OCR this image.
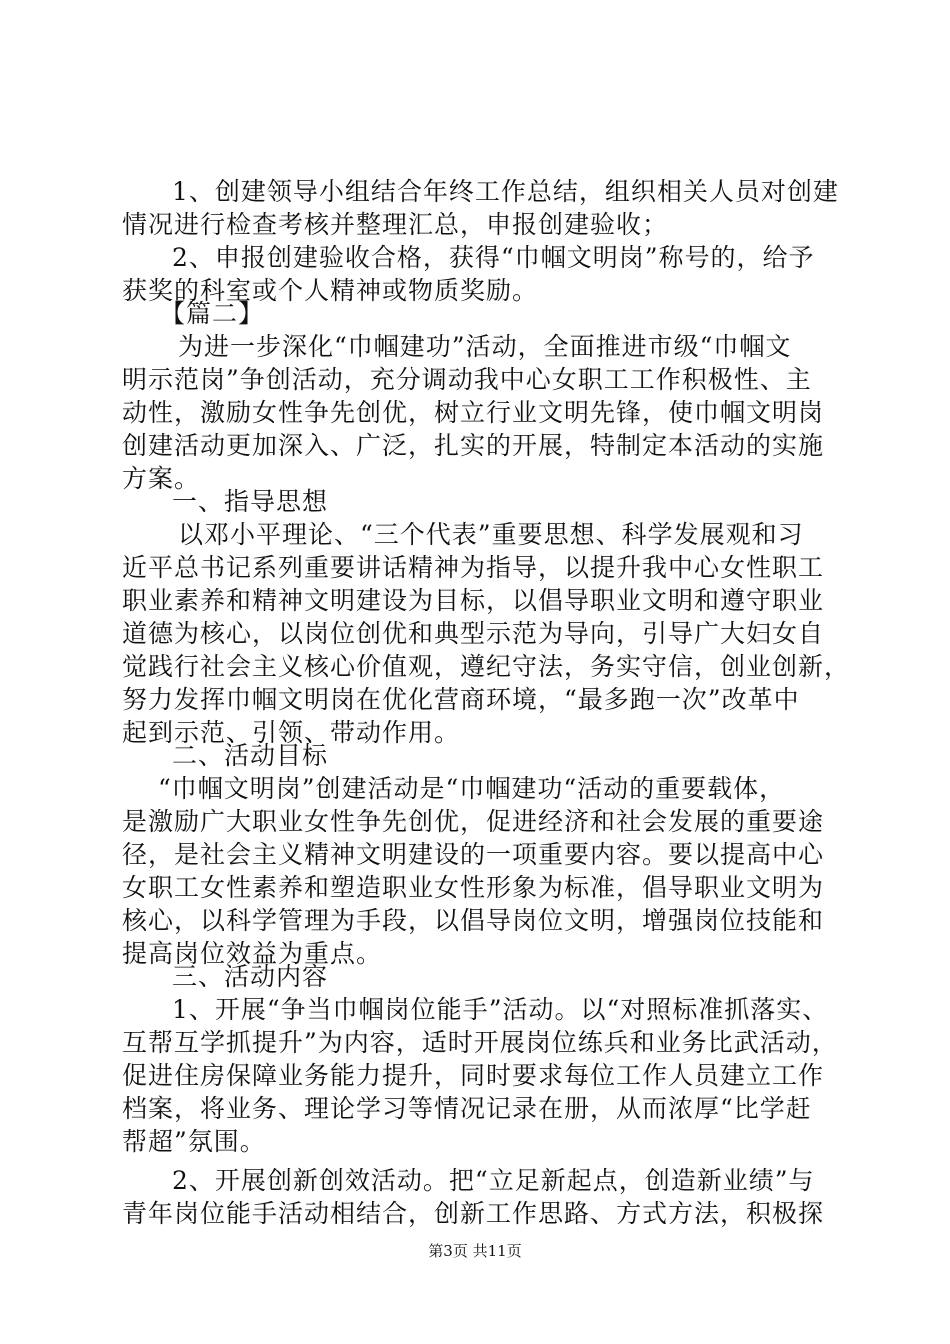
1、创建领导小组结合年终工作总结，组织相关人员对创建
情况进行检查考核并整理汇总，申报创建验收；
2、申报创建验收合格，获得“巾帼文明岗”称号的，给予
获奖的科室或个人精神或物质奖励。
【篇二】
为进一步深化“巾帼建功”活动，全面推进市级“巾帼文
明示范岗”争创活动，充分调动我中心女职工工作积极性、主
动性，激励女性争先创优，树立行业文明先锋，使巾帼文明岗
创建活动更加深入、广泛，扎实的开展，特制定本活动的实施
方案。
一、指导思想
以邓小平理论、“三个代表”重要思想、科学发展观和习
近平总书记系列重要讲话精神为指导，以提升我中心女性职工
职业素养和精神文明建设为目标，以倡导职业文明和遵守职业
道德为核心，以岗位创优和典型示范为导向，引导广大妇女自
觉践行社会主义核心价值观，遵纪守法，务实守信，创业创新，
努力发挥巾帼文明岗在优化营商环境，“最多跑一次”改革中
起到示范、引领、带动作用。
二、活动目标
“巾帼文明岗”创建活动是“巾帼建功“活动的重要载体，
是激励广大职业女性争先创优，促进经济和社会发展的重要途
径，是社会主义精神文明建设的一项重要内容。要以提高中心
女职工女性素养和塑造职业女性形象为标准，倡导职业文明为
核心，以科学管理为手段，以倡导岗位文明，增强岗位技能和
提高岗位效益为重点。
三、活动内容
1、开展“争当巾帼岗位能手”活动。以“对照标准抓落实、
互帮互学抓提升”为内容，适时开展岗位练兵和业务比武活动，
促进住房保障业务能力提升，同时要求每位工作人员建立工作
档案，将业务、理论学习等情况记录在册，从而浓厚“比学赶
帮超”氛围。
2、开展创新创效活动。把“立足新起点，创造新业绩”与
青年岗位能手活动相结合，创新工作思路、方式方法，积极探
第3页 共11页
